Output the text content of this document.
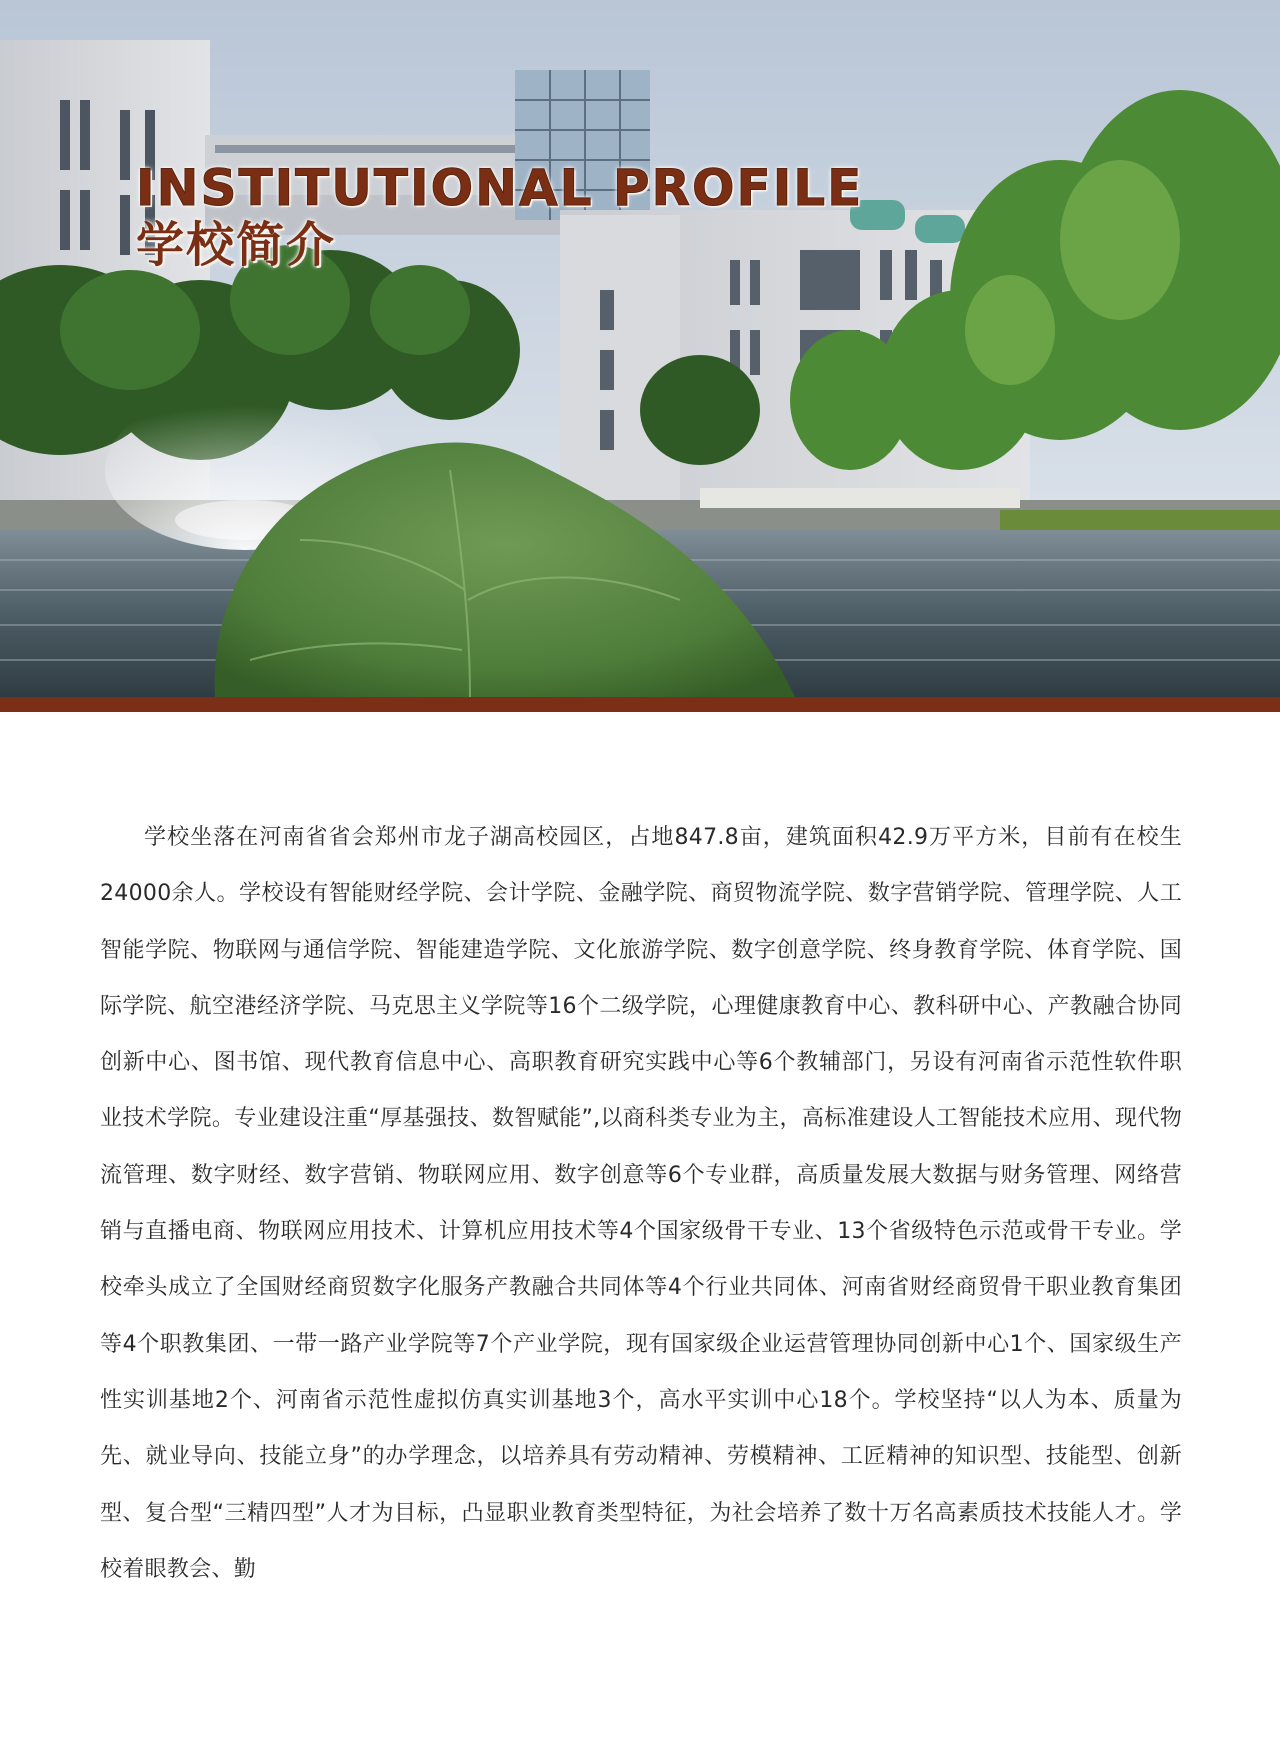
INSTITUTIONAL PROFILE
学校简介
学校坐落在河南省省会郑州市龙子湖高校园区，占地847.8亩，建筑面积42.9万平方米，目前有在校生24000余人。学校设有智能财经学院、会计学院、金融学院、商贸物流学院、数字营销学院、管理学院、人工智能学院、物联网与通信学院、智能建造学院、文化旅游学院、数字创意学院、终身教育学院、体育学院、国际学院、航空港经济学院、马克思主义学院等16个二级学院，心理健康教育中心、教科研中心、产教融合协同创新中心、图书馆、现代教育信息中心、高职教育研究实践中心等6个教辅部门，另设有河南省示范性软件职业技术学院。专业建设注重“厚基强技、数智赋能”,以商科类专业为主，高标准建设人工智能技术应用、现代物流管理、数字财经、数字营销、物联网应用、数字创意等6个专业群，高质量发展大数据与财务管理、网络营销与直播电商、物联网应用技术、计算机应用技术等4个国家级骨干专业、13个省级特色示范或骨干专业。学校牵头成立了全国财经商贸数字化服务产教融合共同体等4个行业共同体、河南省财经商贸骨干职业教育集团等4个职教集团、一带一路产业学院等7个产业学院，现有国家级企业运营管理协同创新中心1个、国家级生产性实训基地2个、河南省示范性虚拟仿真实训基地3个，高水平实训中心18个。学校坚持“以人为本、质量为先、就业导向、技能立身”的办学理念，以培养具有劳动精神、劳模精神、工匠精神的知识型、技能型、创新型、复合型“三精四型”人才为目标，凸显职业教育类型特征，为社会培养了数十万名高素质技术技能人才。学校着眼教会、勤
